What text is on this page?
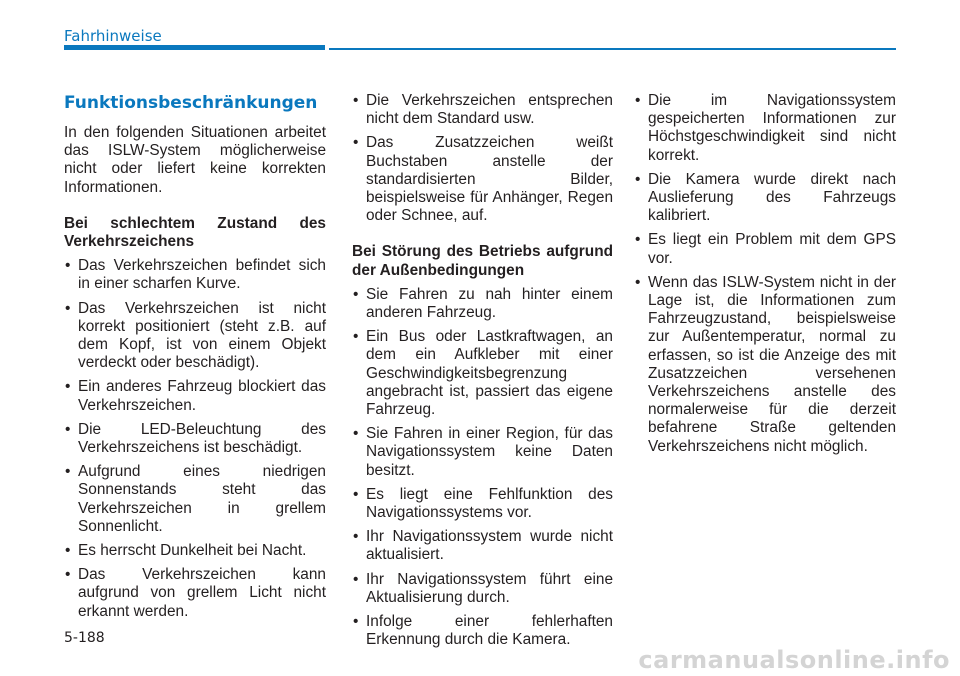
Fahrhinweise
Funktionsbeschränkungen

In den folgenden Situationen arbeitet das ISLW-System möglicherweise nicht oder liefert keine korrekten Informationen.

Bei schlechtem Zustand des Verkehrszeichens
• Das Verkehrszeichen befindet sich in einer scharfen Kurve.
• Das Verkehrszeichen ist nicht korrekt positioniert (steht z.B. auf dem Kopf, ist von einem Objekt verdeckt oder beschädigt).
• Ein anderes Fahrzeug blockiert das Verkehrszeichen.
• Die LED-Beleuchtung des Verkehrszeichens ist beschädigt.
• Aufgrund eines niedrigen Sonnenstands steht das Verkehrszeichen in grellem Sonnenlicht.
• Es herrscht Dunkelheit bei Nacht.
• Das Verkehrszeichen kann aufgrund von grellem Licht nicht erkannt werden.
• Die Verkehrszeichen entsprechen nicht dem Standard usw.
• Das Zusatzzeichen weißt Buchstaben anstelle der standardisierten Bilder, beispielsweise für Anhänger, Regen oder Schnee, auf.
Bei Störung des Betriebs aufgrund der Außenbedingungen
• Sie Fahren zu nah hinter einem anderen Fahrzeug.
• Ein Bus oder Lastkraftwagen, an dem ein Aufkleber mit einer Geschwindigkeitsbegrenzung angebracht ist, passiert das eigene Fahrzeug.
• Sie Fahren in einer Region, für das Navigationssystem keine Daten besitzt.
• Es liegt eine Fehlfunktion des Navigationssystems vor.
• Ihr Navigationssystem wurde nicht aktualisiert.
• Ihr Navigationssystem führt eine Aktualisierung durch.
• Infolge einer fehlerhaften Erkennung durch die Kamera.
• Die im Navigationssystem gespeicherten Informationen zur Höchstgeschwindigkeit sind nicht korrekt.
• Die Kamera wurde direkt nach Auslieferung des Fahrzeugs kalibriert.
• Es liegt ein Problem mit dem GPS vor.
• Wenn das ISLW-System nicht in der Lage ist, die Informationen zum Fahrzeugzustand, beispielsweise zur Außentemperatur, normal zu erfassen, so ist die Anzeige des mit Zusatzzeichen versehenen Verkehrszeichens anstelle des normalerweise für die derzeit befahrene Straße geltenden Verkehrszeichens nicht möglich.
5-188
carmanualsonline.info
